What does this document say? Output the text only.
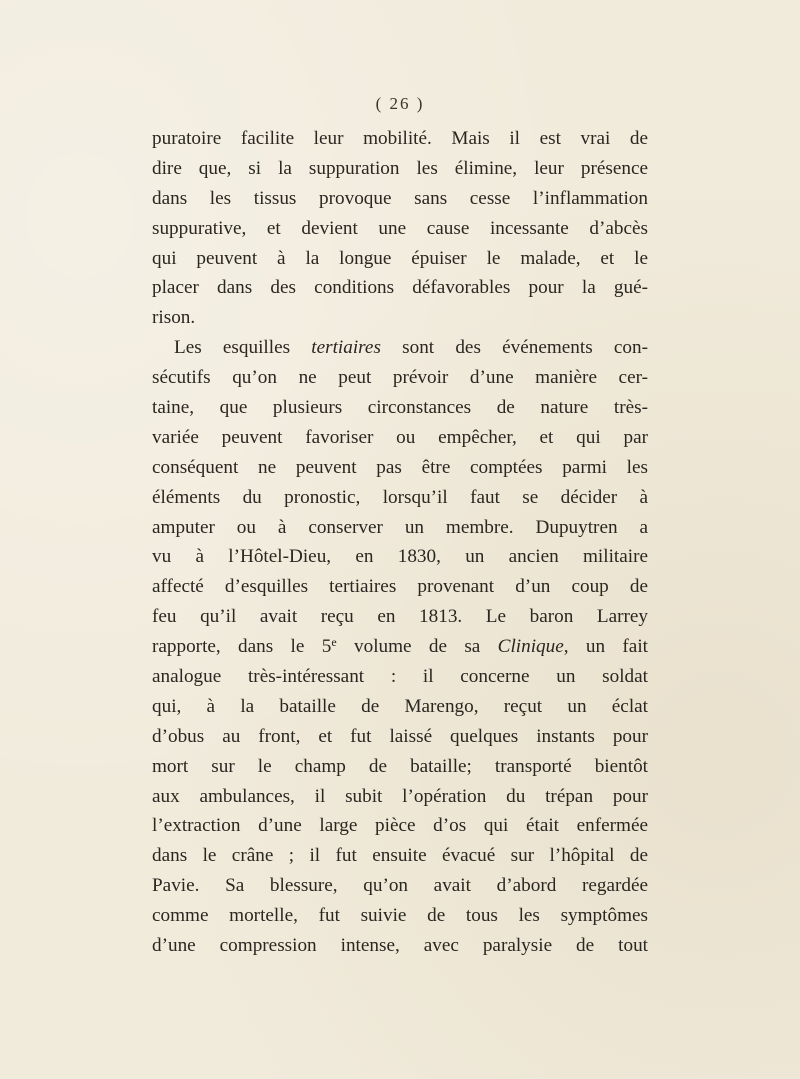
( 26 )
puratoire facilite leur mobilité. Mais il est vrai de
dire que, si la suppuration les élimine, leur présence
dans les tissus provoque sans cesse l’inflammation
suppurative, et devient une cause incessante d’abcès
qui peuvent à la longue épuiser le malade, et le
placer dans des conditions défavorables pour la gué-
rison.
Les esquilles tertiaires sont des événements con-
sécutifs qu’on ne peut prévoir d’une manière cer-
taine, que plusieurs circonstances de nature très-
variée peuvent favoriser ou empêcher, et qui par
conséquent ne peuvent pas être comptées parmi les
éléments du pronostic, lorsqu’il faut se décider à
amputer ou à conserver un membre. Dupuytren a
vu à l’Hôtel-Dieu, en 1830, un ancien militaire
affecté d’esquilles tertiaires provenant d’un coup de
feu qu’il avait reçu en 1813. Le baron Larrey
rapporte, dans le 5e volume de sa Clinique, un fait
analogue très-intéressant : il concerne un soldat
qui, à la bataille de Marengo, reçut un éclat
d’obus au front, et fut laissé quelques instants pour
mort sur le champ de bataille; transporté bientôt
aux ambulances, il subit l’opération du trépan pour
l’extraction d’une large pièce d’os qui était enfermée
dans le crâne ; il fut ensuite évacué sur l’hôpital de
Pavie. Sa blessure, qu’on avait d’abord regardée
comme mortelle, fut suivie de tous les symptômes
d’une compression intense, avec paralysie de tout
